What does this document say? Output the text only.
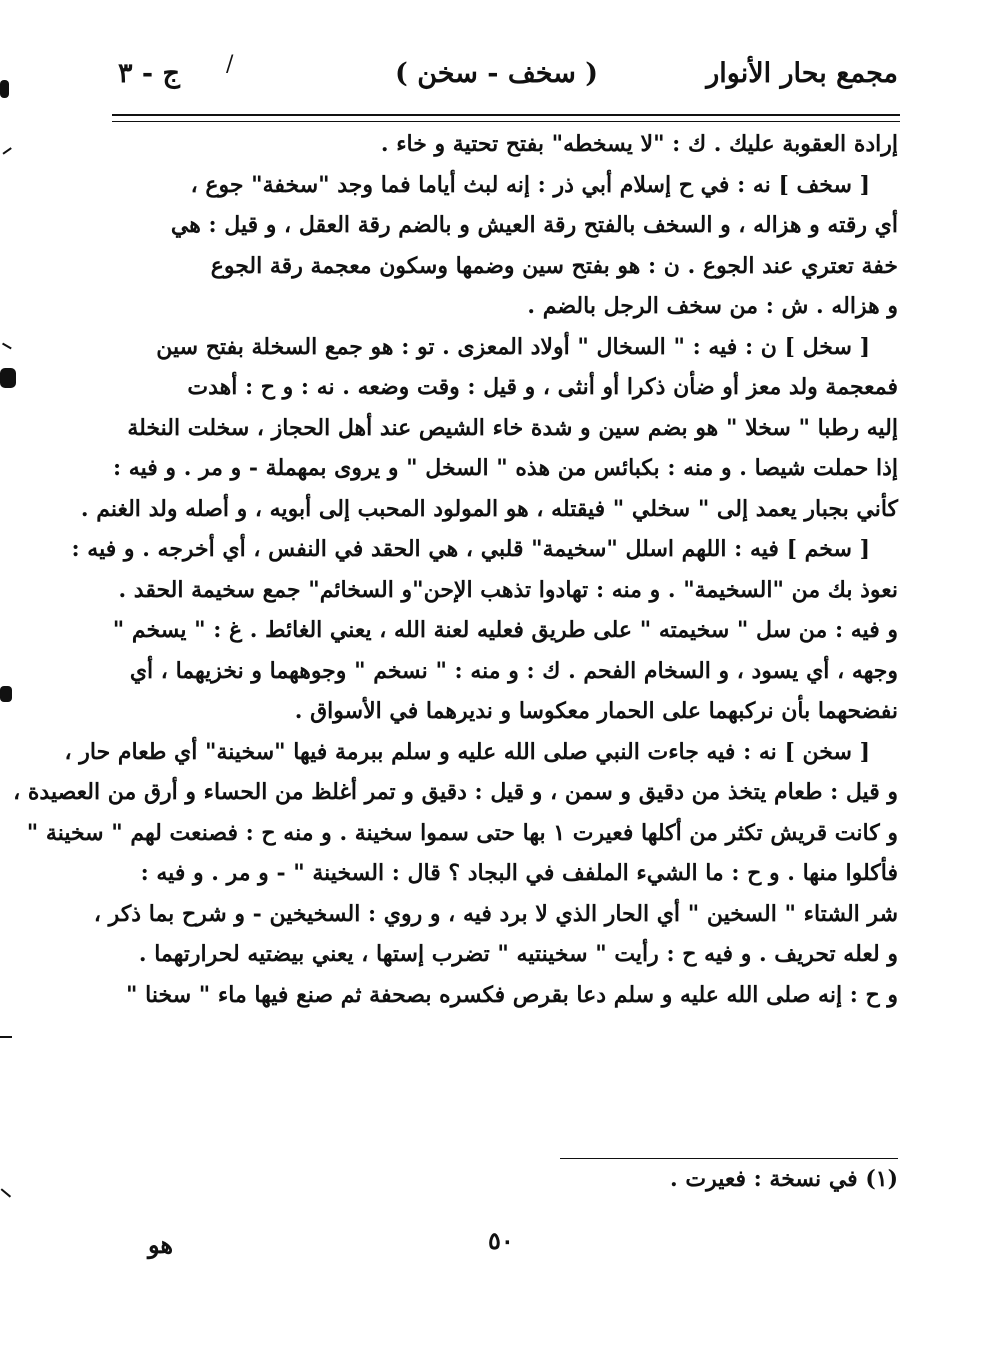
مجمع بحار الأنوار
( سخف - سخن )
/
ج - ٣
إرادة العقوبة عليك . ك : "لا يسخطه" بفتح تحتية و خاء .
[ سخف ] نه : في ح إسلام أبي ذر : إنه لبث أياما فما وجد "سخفة" جوع ،
أي رقته و هزاله ، و السخف بالفتح رقة العيش و بالضم رقة العقل ، و قيل : هي
خفة تعتري عند الجوع . ن : هو بفتح سين وضمها وسكون معجمة رقة الجوع
و هزاله . ش : من سخف الرجل بالضم .
[ سخل ] ن : فيه : " السخال " أولاد المعزى . تو : هو جمع السخلة بفتح سين
فمعجمة ولد معز أو ضأن ذكرا أو أنثى ، و قيل : وقت وضعه . نه : و ح : أهدت
إليه رطبا " سخلا " هو بضم سين و شدة خاء الشيص عند أهل الحجاز ، سخلت النخلة
إذا حملت شيصا . و منه : بكبائس من هذه " السخل " و يروى بمهملة - و مر . و فيه :
كأني بجبار يعمد إلى " سخلي " فيقتله ، هو المولود المحبب إلى أبويه ، و أصله ولد الغنم .
[ سخم ] فيه : اللهم اسلل "سخيمة" قلبي ، هي الحقد في النفس ، أي أخرجه . و فيه :
نعوذ بك من "السخيمة" . و منه : تهادوا تذهب الإحن"و السخائم" جمع سخيمة الحقد .
و فيه : من سل " سخيمته " على طريق فعليه لعنة الله ، يعني الغائط . غ : " يسخم "
وجهه ، أي يسود ، و السخام الفحم . ك : و منه : " نسخم " وجوههما و نخزيهما ، أي
نفضحهما بأن نركبهما على الحمار معكوسا و نديرهما في الأسواق .
[ سخن ] نه : فيه جاءت النبي صلى الله عليه و سلم ببرمة فيها "سخينة" أي طعام حار ،
و قيل : طعام يتخذ من دقيق و سمن ، و قيل : دقيق و تمر أغلظ من الحساء و أرق من العصيدة ،
و كانت قريش تكثر من أكلها فعيرت ١ بها حتى سموا سخينة . و منه ح : فصنعت لهم " سخينة "
فأكلوا منها . و ح : ما الشيء الملفف في البجاد ؟ قال : السخينة " - و مر . و فيه :
شر الشتاء " السخين " أي الحار الذي لا برد فيه ، و روي : السخيخين - و شرح بما ذكر ،
و لعله تحريف . و فيه ح : رأيت " سخينتيه " تضرب إستها ، يعني بيضتيه لحرارتهما .
و ح : إنه صلى الله عليه و سلم دعا بقرص فكسره بصحفة ثم صنع فيها ماء " سخنا "
(١) في نسخة : فعيرت .
٥٠
هو
